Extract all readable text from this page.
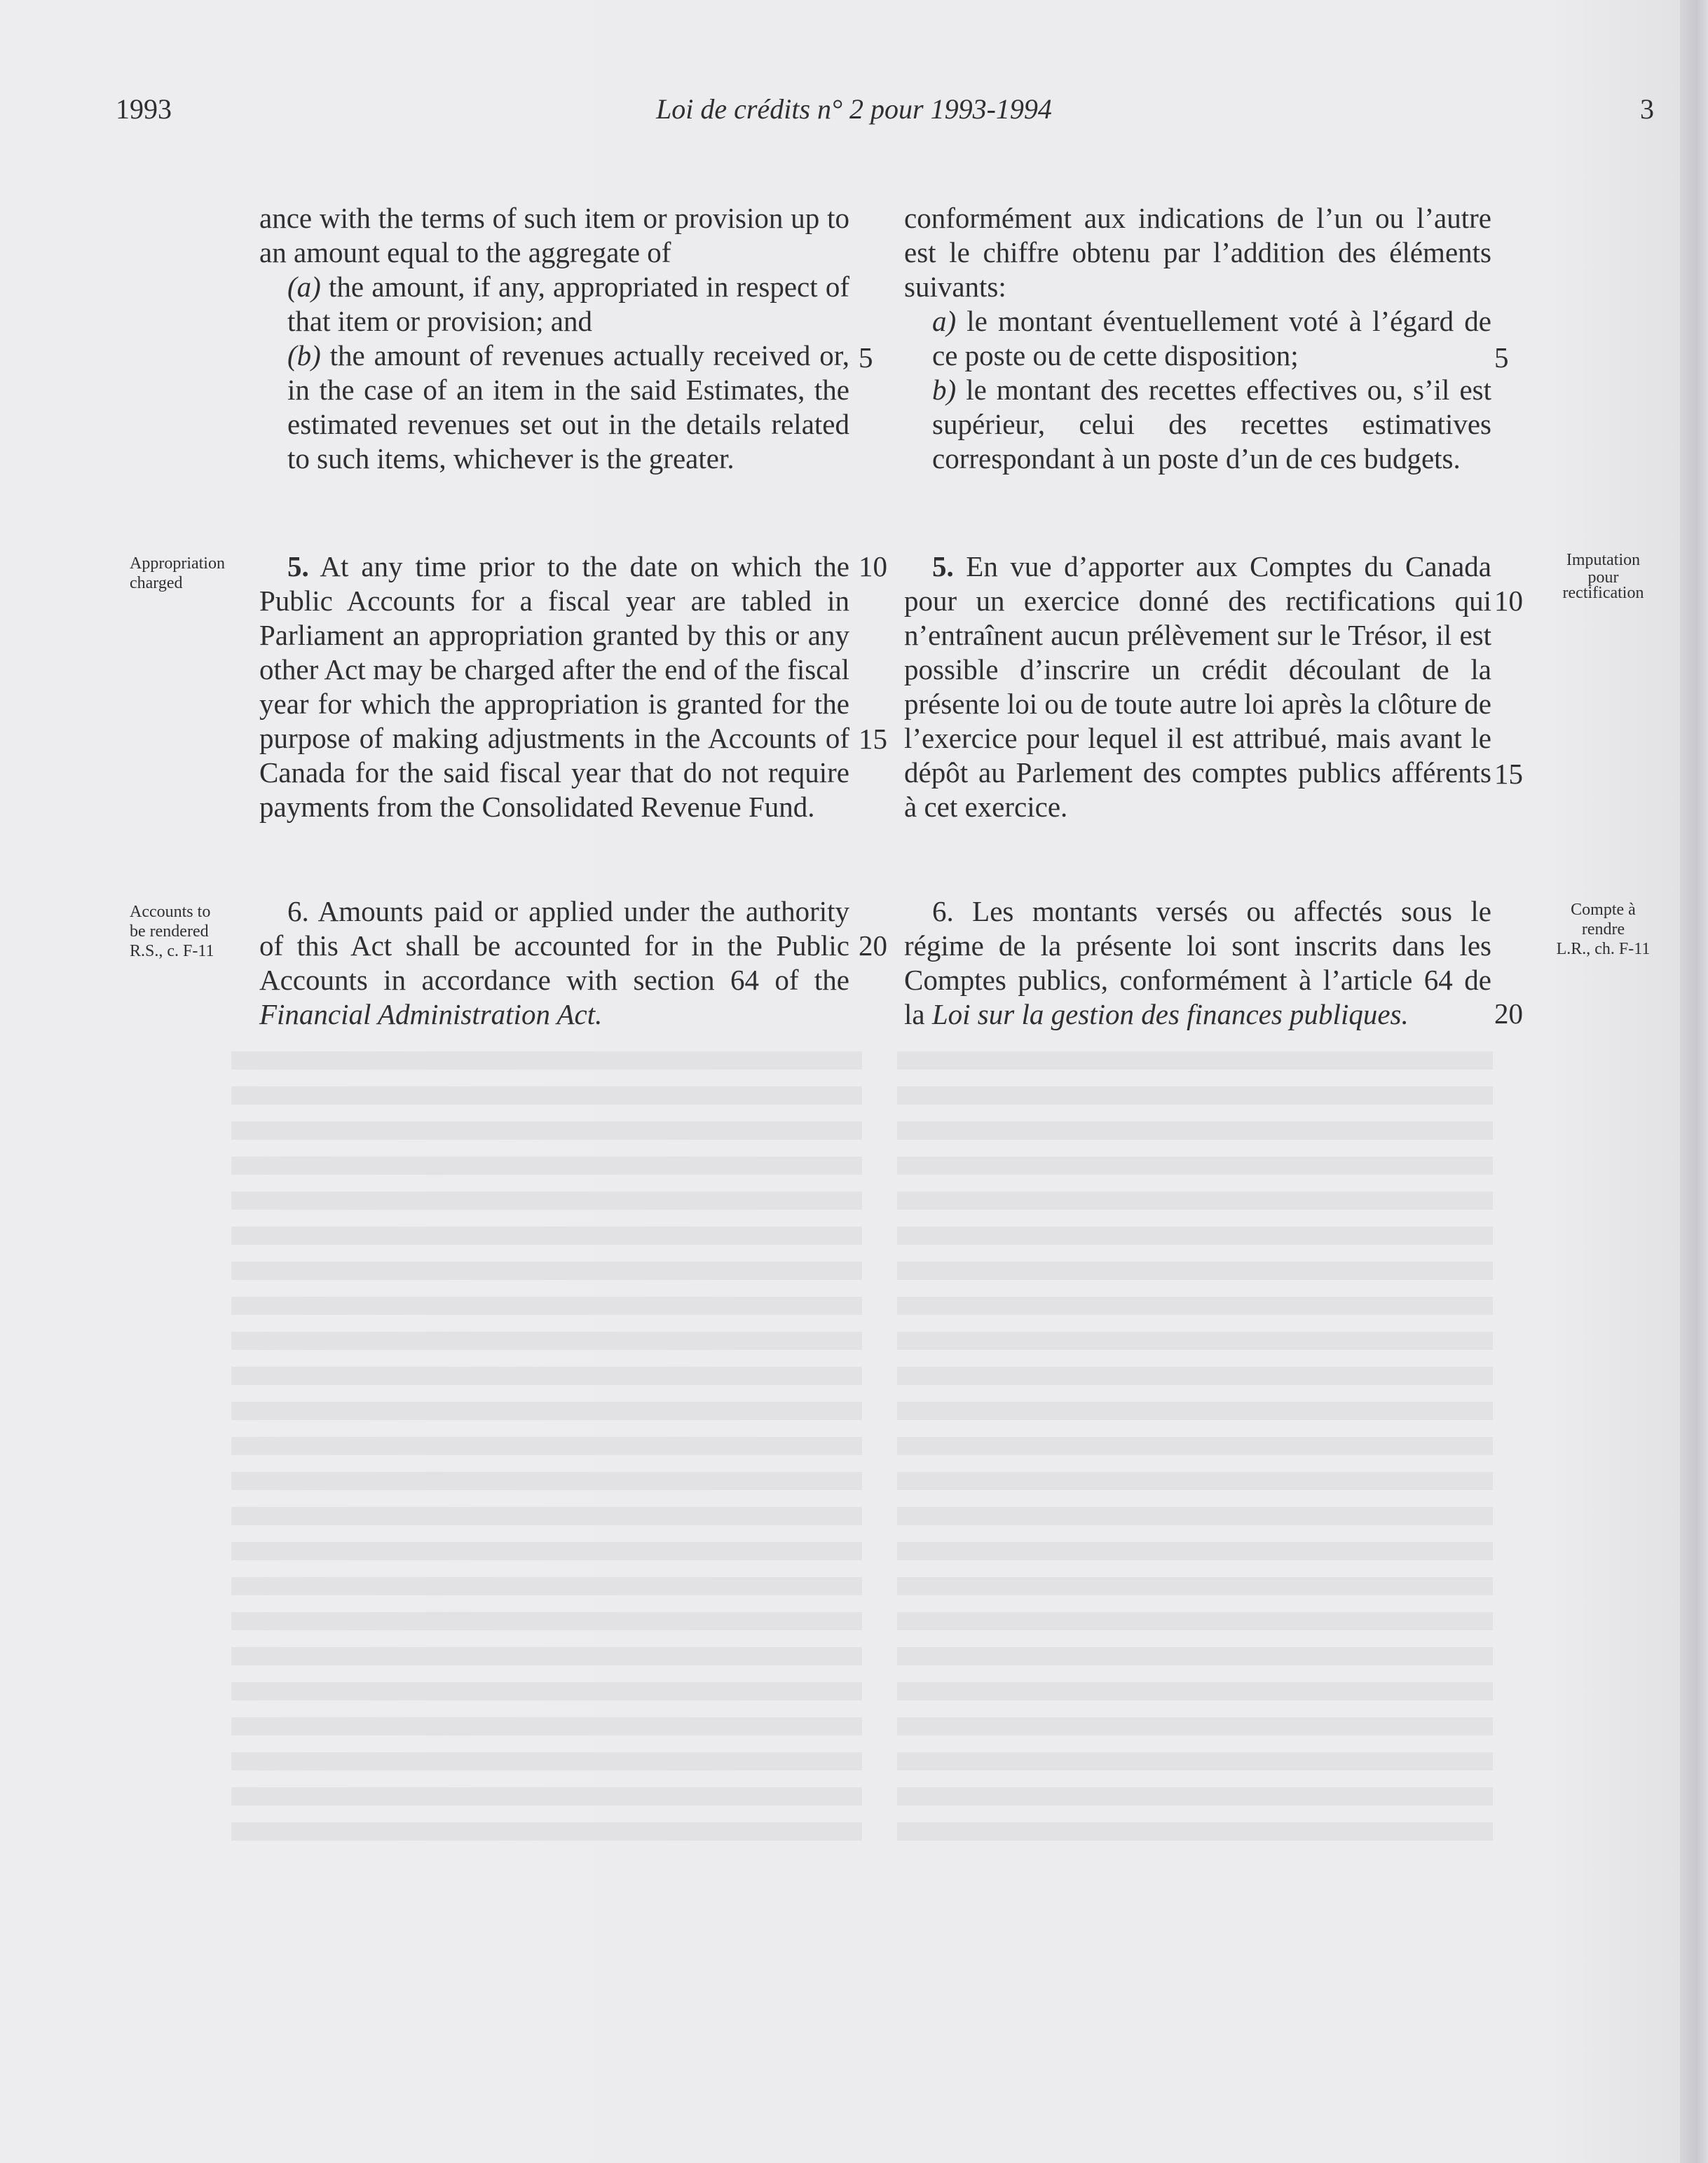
1993	Loi de crédits n° 2 pour 1993-1994	3

ance with the terms of such item or provision up to an amount equal to the aggregate of

(a) the amount, if any, appropriated in respect of that item or provision; and

(b) the amount of revenues actually received or, in the case of an item in the said Estimates, the estimated revenues set out in the details related to such items, whichever is the greater.

5. At any time prior to the date on which the Public Accounts for a fiscal year are tabled in Parliament an appropriation granted by this or any other Act may be charged after the end of the fiscal year for which the appropriation is granted for the purpose of making adjustments in the Accounts of Canada for the said fiscal year that do not require payments from the Consolidated Revenue Fund.

6. Amounts paid or applied under the authority of this Act shall be accounted for in the Public Accounts in accordance with section 64 of the Financial Administration Act.

5
10
15
20

conformément aux indications de l’un ou l’autre est le chiffre obtenu par l’addition des éléments suivants:

a) le montant éventuellement voté à l’égard de ce poste ou de cette disposition;

b) le montant des recettes effectives ou, s’il est supérieur, celui des recettes estimatives correspondant à un poste d’un de ces budgets.

5. En vue d’apporter aux Comptes du Canada pour un exercice donné des rectifications qui n’entraînent aucun prélèvement sur le Trésor, il est possible d’inscrire un crédit découlant de la présente loi ou de toute autre loi après la clôture de l’exercice pour lequel il est attribué, mais avant le dépôt au Parlement des comptes publics afférents à cet exercice.

6. Les montants versés ou affectés sous le régime de la présente loi sont inscrits dans les Comptes publics, conformément à l’article 64 de la Loi sur la gestion des finances publiques.

5
10
15
20
Appropriation
charged
Accounts to
be rendered
R.S., c. F-11
Imputation
pour
rectification
Compte à
rendre
L.R., ch. F-11
